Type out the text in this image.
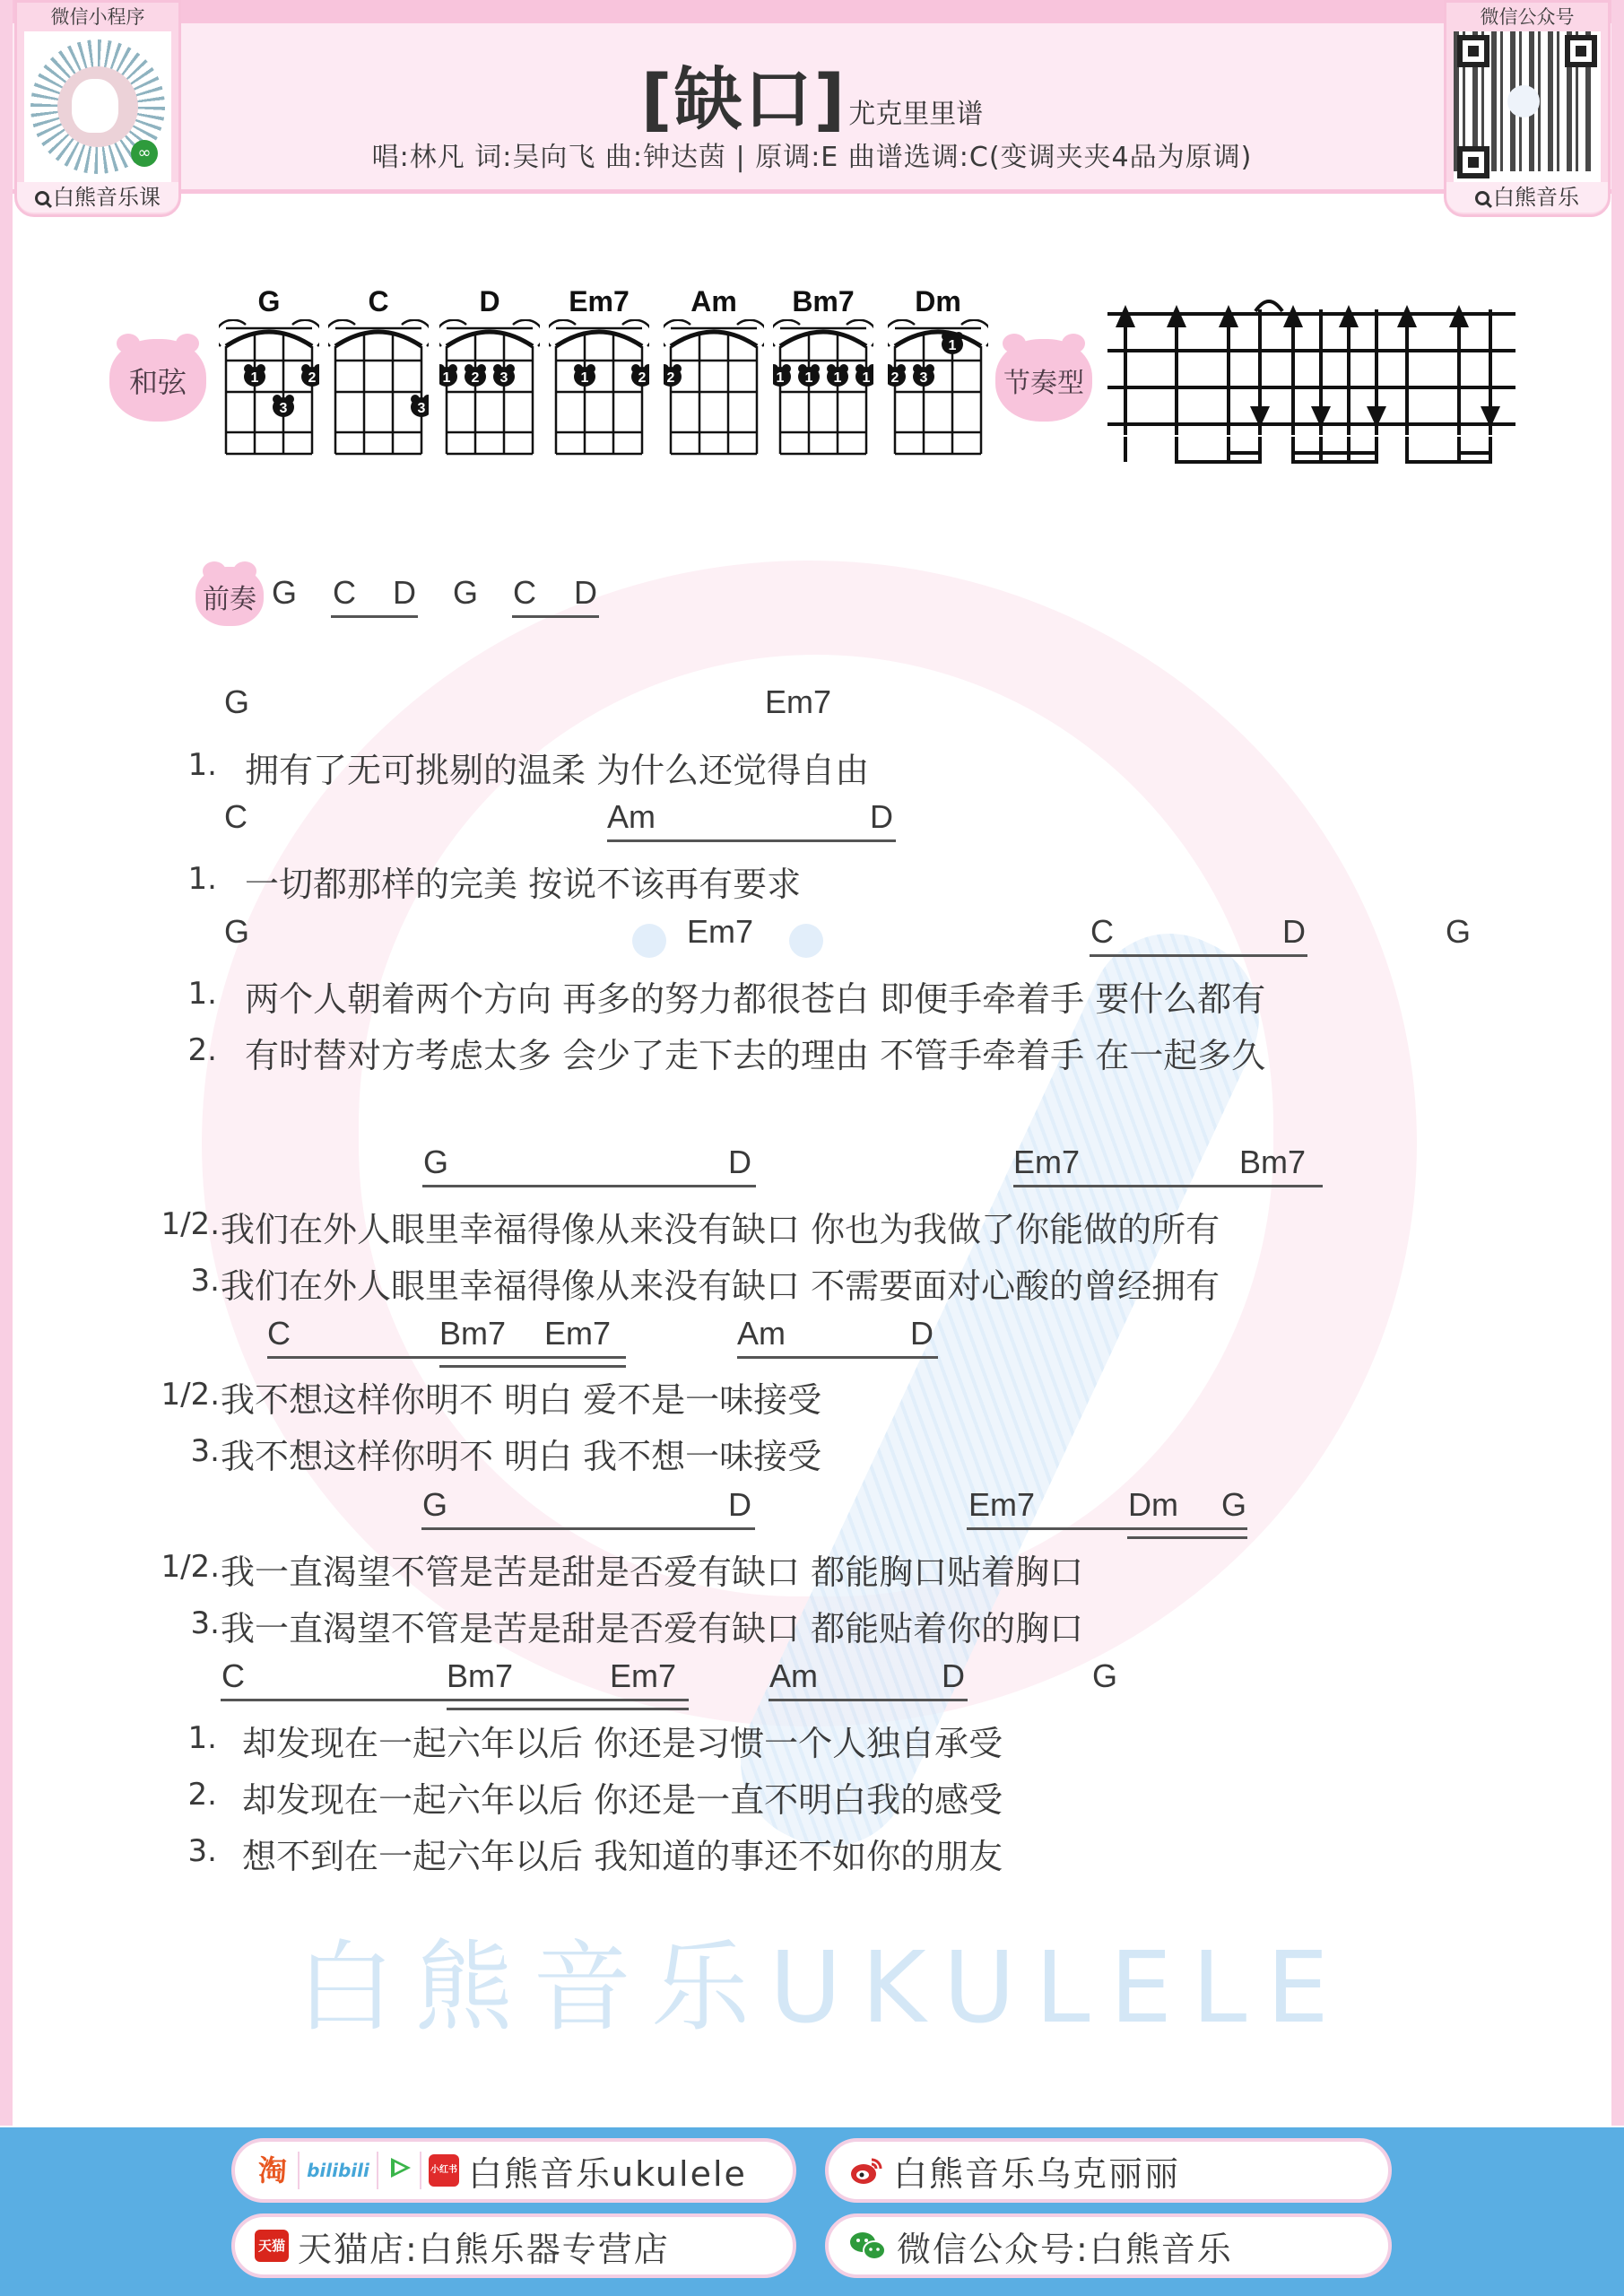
白熊音乐UKULELE
微信小程序
∞
白熊音乐课
微信公众号
白熊音乐
[缺口]尤克里里谱
唱:林凡 词:吴向飞 曲:钟达茵 | 原调:E 曲谱选调:C(变调夹夹4品为原调)
和弦
G
1	2
3
C
3
D
1 2 3
Em7
1	2
Am
2
Bm7
1 1 1 1
Dm
1
2 3	节奏型
前奏 G C D G C D
G	Em7
1. 拥有了无可挑剔的温柔 为什么还觉得自由
C	Am	D
1. 一切都那样的完美 按说不该再有要求
G	Em7	C	D	G
1. 两个人朝着两个方向 再多的努力都很苍白 即便手牵着手 要什么都有
2. 有时替对方考虑太多 会少了走下去的理由 不管手牵着手 在一起多久
G	D	Em7	Bm7
1/2. 我们在外人眼里幸福得像从来没有缺口 你也为我做了你能做的所有
3. 我们在外人眼里幸福得像从来没有缺口 不需要面对心酸的曾经拥有
C	Bm7 Em7	Am	D
1/2. 我不想这样你明不 明白 爱不是一味接受
3. 我不想这样你明不 明白 我不想一味接受
G	D	Em7	Dm G
1/2. 我一直渴望不管是苦是甜是否爱有缺口 都能胸口贴着胸口
3. 我一直渴望不管是苦是甜是否爱有缺口 都能贴着你的胸口
C	Bm7	Em7	Am	D	G
1. 却发现在一起六年以后 你还是习惯一个人独自承受
2. 却发现在一起六年以后 你还是一直不明白我的感受
3. 想不到在一起六年以后 我知道的事还不如你的朋友
淘 bilibili	小红书 白熊音乐ukulele	白熊音乐乌克丽丽
天猫 天猫店:白熊乐器专营店	微信公众号:白熊音乐
